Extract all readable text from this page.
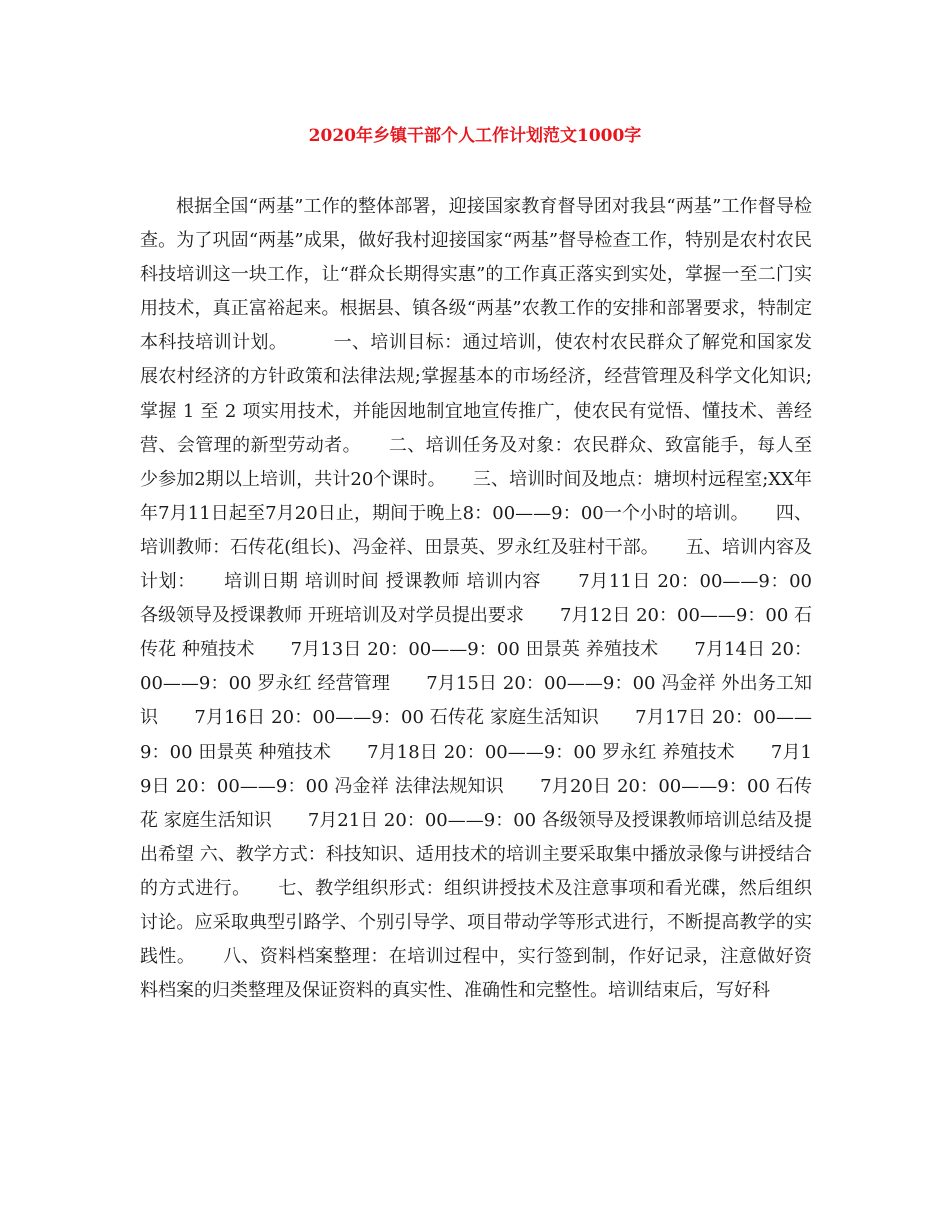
2020年乡镇干部个人工作计划范文1000字

根据全国“两基”工作的整体部署，迎接国家教育督导团对我县“两基”工作督导检查。为了巩固“两基”成果，做好我村迎接国家“两基”督导检查工作，特别是农村农民科技培训这一块工作，让“群众长期得实惠”的工作真正落实到实处，掌握一至二门实用技术，真正富裕起来。根据县、镇各级“两基”农教工作的安排和部署要求，特制定本科技培训计划。　　　一、培训目标：通过培训，使农村农民群众了解党和国家发展农村经济的方针政策和法律法规;掌握基本的市场经济，经营管理及科学文化知识;掌握 1 至 2 项实用技术，并能因地制宜地宣传推广，使农民有觉悟、懂技术、善经营、会管理的新型劳动者。　　二、培训任务及对象：农民群众、致富能手，每人至少参加2期以上培训，共计20个课时。　　三、培训时间及地点：塘坝村远程室;XX年年7月11日起至7月20日止，期间于晚上8：00——9：00一个小时的培训。　　四、培训教师：石传花(组长)、冯金祥、田景英、罗永红及驻村干部。　　五、培训内容及计划：　　培训日期 培训时间 授课教师 培训内容　　7月11日 20：00——9：00 各级领导及授课教师 开班培训及对学员提出要求　　7月12日 20：00——9：00 石传花 种殖技术　　7月13日 20：00——9：00 田景英 养殖技术　　7月14日 20：00——9：00 罗永红 经营管理　　7月15日 20：00——9：00 冯金祥 外出务工知识　　7月16日 20：00——9：00 石传花 家庭生活知识　　7月17日 20：00——9：00 田景英 种殖技术　　7月18日 20：00——9：00 罗永红 养殖技术　　7月19日 20：00——9：00 冯金祥 法律法规知识　　7月20日 20：00——9：00 石传花 家庭生活知识　　7月21日 20：00——9：00 各级领导及授课教师培训总结及提出希望 六、教学方式：科技知识、适用技术的培训主要采取集中播放录像与讲授结合的方式进行。　　七、教学组织形式：组织讲授技术及注意事项和看光碟，然后组织讨论。应采取典型引路学、个别引导学、项目带动学等形式进行，不断提高教学的实践性。　　八、资料档案整理：在培训过程中，实行签到制，作好记录，注意做好资料档案的归类整理及保证资料的真实性、准确性和完整性。培训结束后，写好科
